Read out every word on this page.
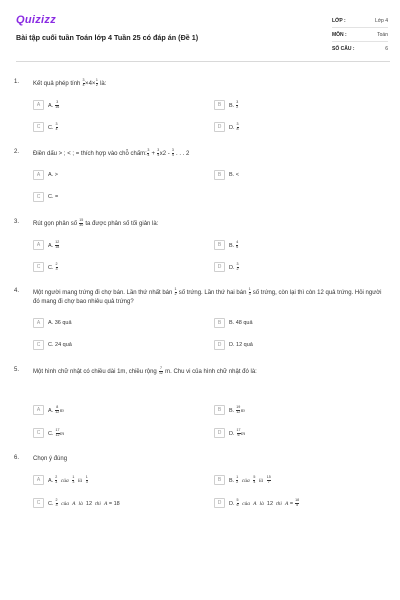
Quizizz
Bài tập cuối tuần Toán lớp 4 Tuần 25 có đáp án (Đề 1)
LỚP :	Lớp 4
MÔN :	Toán
SỐ CÂU :	6
1. Kết quả phép tính $\frac{3}{4} \times 4\times \frac{1}{2}$ là:
A	A. $\frac{3}{16}$	B	B. $\frac{3}{2}$
C	C. $\frac{3}{4}$	D	D. $\frac{3}{8}$
2. Điền dấu > ; < ; = thích hợp vào chỗ chấm: $\frac{3}{4} + \frac{3}{4} x2 - \frac{3}{4}$ . . . 2
A	A. >	B	B. <
C	C. =
3. Rút gọn phân số $\frac{15}{30}$ ta được phân số tối giản là:
A	A. $\frac{12}{18}$	B	B. $\frac{4}{6}$
C	C. $\frac{2}{3}$	D	D. $\frac{3}{2}$
4. Một người mang trứng đi chợ bán. Lần thứ nhất bán $\frac{1}{2}$ số trứng. Lần thứ hai bán $\frac{1}{3}$ số trứng, còn lại thì còn 12 quả trứng. Hỏi người đó mang đi chợ bao nhiêu quả trứng?
A	A. 36 quả	B	B. 48 quả
C	C. 24 quả	D	D. 12 quả
5. Một hình chữ nhật có chiều dài 1m, chiều rộng $\frac{7}{12} m$. Chu vi của hình chữ nhật đó là:
A	A. $\frac{8}{12}$ m	B	B. $\frac{19}{12}$ m
C	C. $\frac{17}{12}$ m	D	D. $\frac{17}{6}$ m
6. Chọn ý đúng
A	A. $\frac{2}{3}$ của $\frac{1}{3}$ là $\frac{1}{3}$	B	B. $\frac{1}{2}$ của $\frac{5}{4}$ là $\frac{15}{7}$
C	C. $\frac{2}{3}$ của A là 12 thì A = 18	D	D. $\frac{5}{6}$ của A là 12 thì $A = \frac{18}{5}$
